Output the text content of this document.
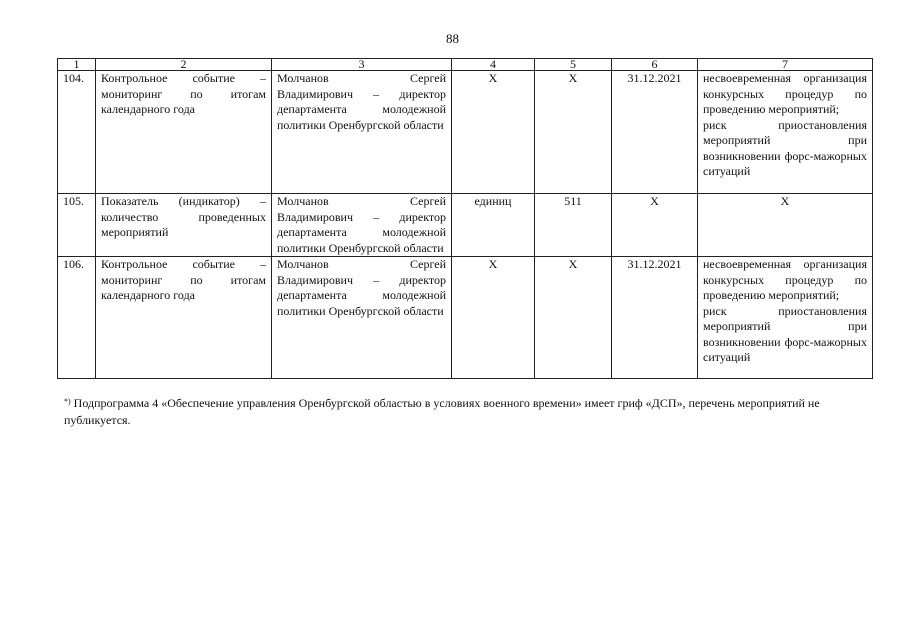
88
1	2	3	4	5	6	7
104.	Контрольное событие – мониторинг по итогам календарного года	Молчанов Сергей Владимирович – директор департамента молодежной политики Оренбургской области	X	X	31.12.2021	несвоевременная организация конкурсных процедур по проведению мероприятий;
риск приостановления мероприятий при возникновении форс-мажорных ситуаций
105.	Показатель (индикатор) – количество проведенных мероприятий	Молчанов Сергей Владимирович – директор департамента молодежной политики Оренбургской области	единиц	511	X	X
106.	Контрольное событие – мониторинг по итогам календарного года	Молчанов Сергей Владимирович – директор департамента молодежной политики Оренбургской области	X	X	31.12.2021	несвоевременная организация конкурсных процедур по проведению мероприятий;
риск приостановления мероприятий при возникновении форс-мажорных ситуаций
*) Подпрограмма 4 «Обеспечение управления Оренбургской областью в условиях военного времени» имеет гриф «ДСП», перечень мероприятий не публикуется.
